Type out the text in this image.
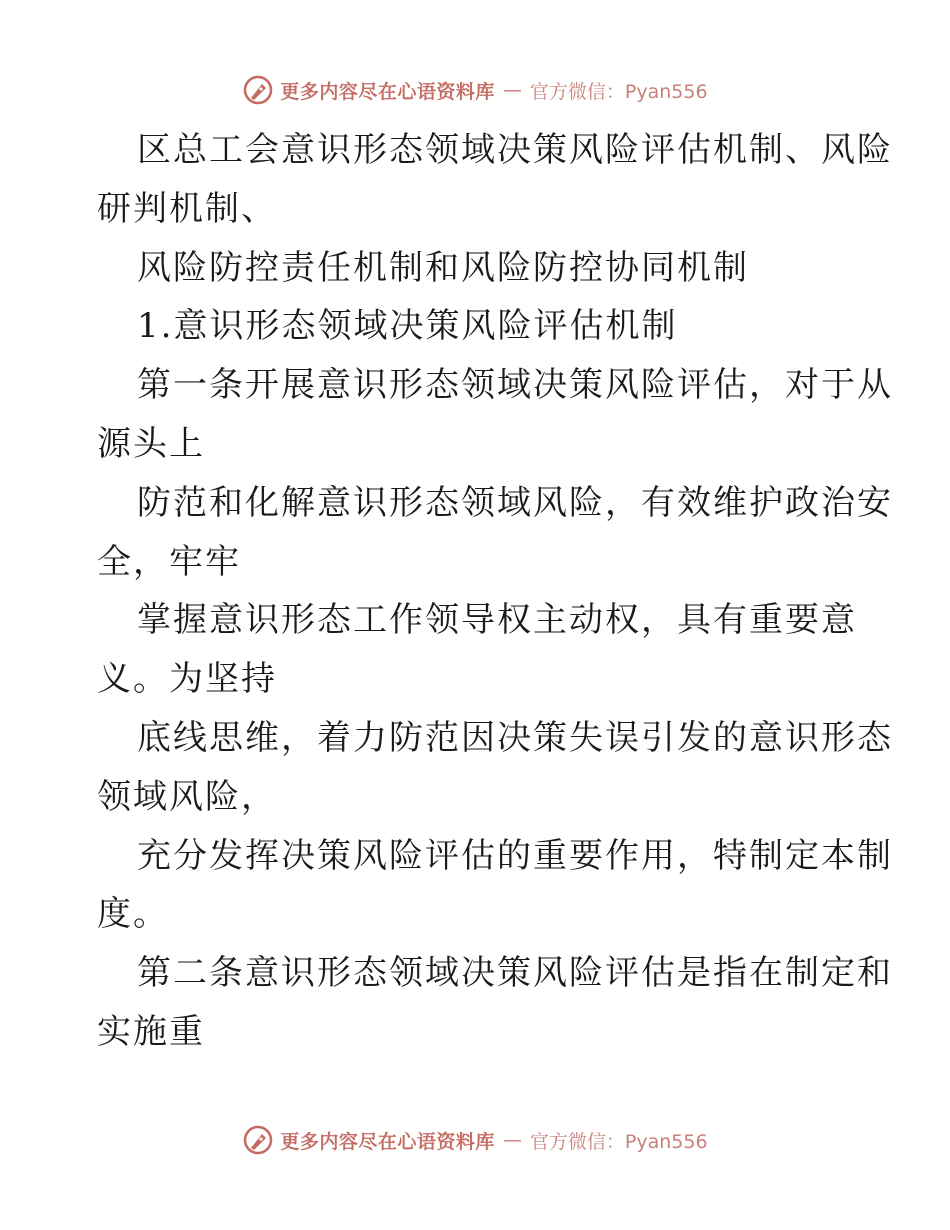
更多内容尽在心语资料库 — 官方微信：Pyan556
区总工会意识形态领域决策风险评估机制、风险
研判机制、
风险防控责任机制和风险防控协同机制
1.意识形态领域决策风险评估机制
第一条开展意识形态领域决策风险评估，对于从
源头上
防范和化解意识形态领域风险，有效维护政治安
全，牢牢
掌握意识形态工作领导权主动权，具有重要意
义。为坚持
底线思维，着力防范因决策失误引发的意识形态
领域风险，
充分发挥决策风险评估的重要作用，特制定本制
度。
第二条意识形态领域决策风险评估是指在制定和
实施重
更多内容尽在心语资料库 — 官方微信：Pyan556
